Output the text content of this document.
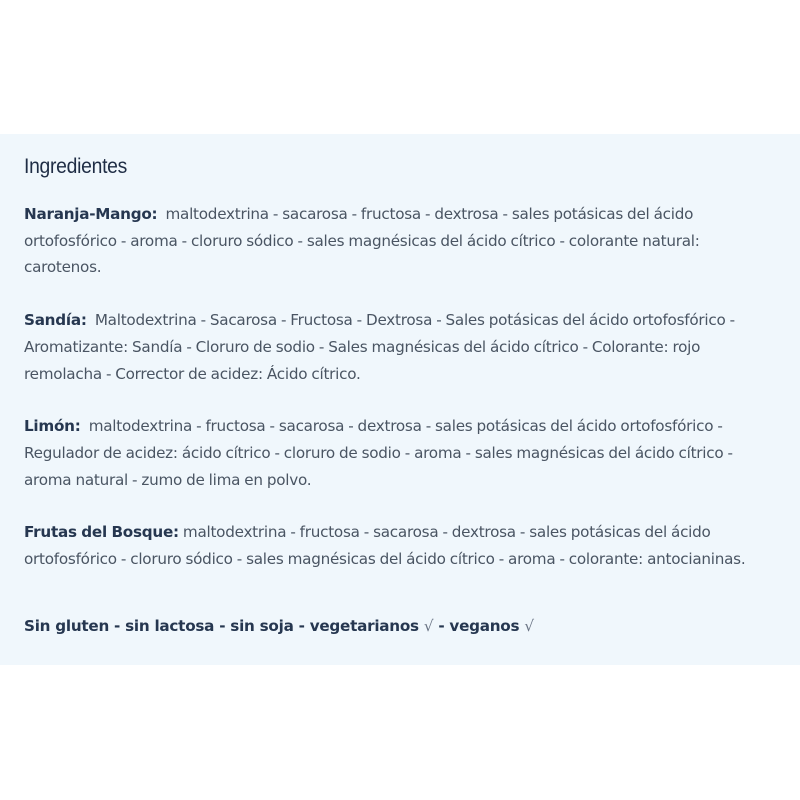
Ingredientes

Naranja-Mango: maltodextrina - sacarosa - fructosa - dextrosa - sales potásicas del ácido ortofosfórico - aroma - cloruro sódico - sales magnésicas del ácido cítrico - colorante natural: carotenos.

Sandía: Maltodextrina - Sacarosa - Fructosa - Dextrosa - Sales potásicas del ácido ortofosfórico - Aromatizante: Sandía - Cloruro de sodio - Sales magnésicas del ácido cítrico - Colorante: rojo remolacha - Corrector de acidez: Ácido cítrico.

Limón: maltodextrina - fructosa - sacarosa - dextrosa - sales potásicas del ácido ortofosfórico - Regulador de acidez: ácido cítrico - cloruro de sodio - aroma - sales magnésicas del ácido cítrico - aroma natural - zumo de lima en polvo.

Frutas del Bosque: maltodextrina - fructosa - sacarosa - dextrosa - sales potásicas del ácido ortofosfórico - cloruro sódico - sales magnésicas del ácido cítrico - aroma - colorante: antocianinas.

Sin gluten - sin lactosa - sin soja - vegetarianos √ - veganos √
